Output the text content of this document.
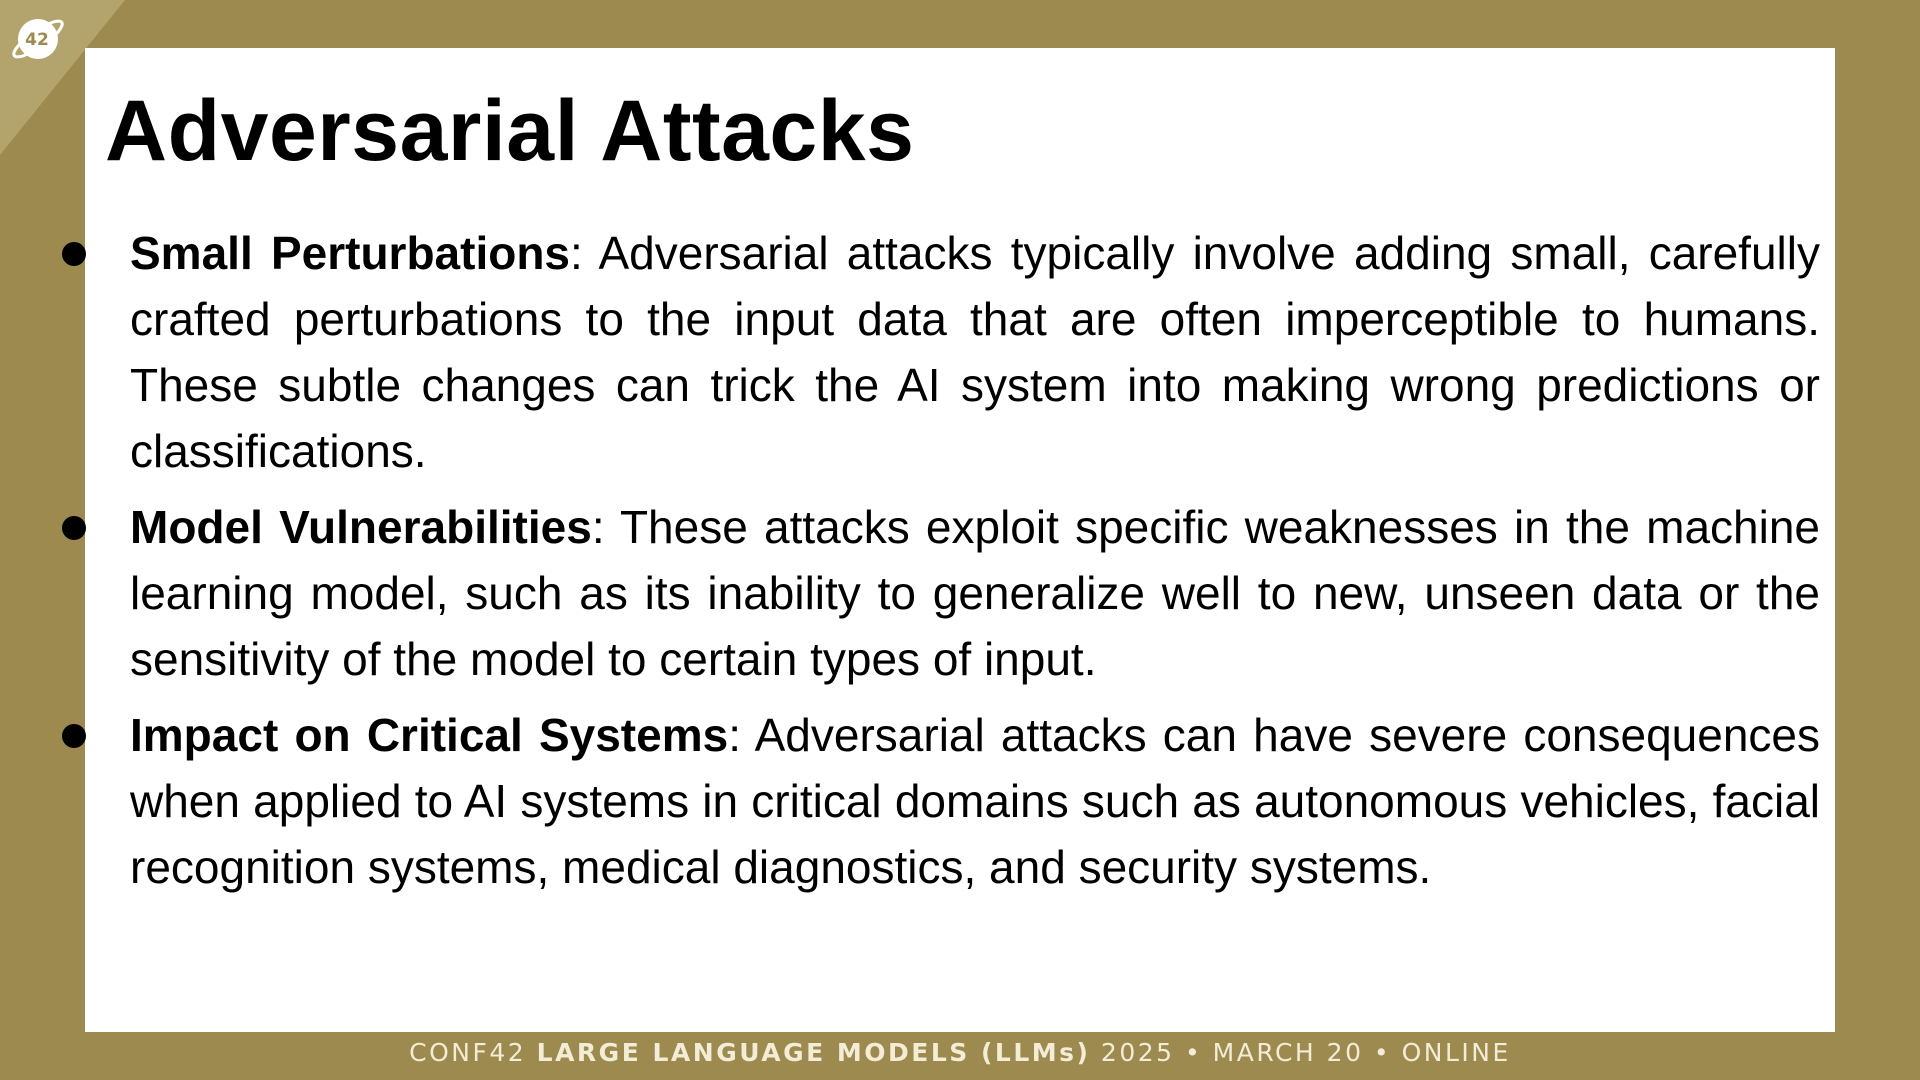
42
Adversarial Attacks
Small Perturbations: Adversarial attacks typically involve adding small, carefully crafted perturbations to the input data that are often imperceptible to humans. These subtle changes can trick the AI system into making wrong predictions or classifications.
Model Vulnerabilities: These attacks exploit specific weaknesses in the machine learning model, such as its inability to generalize well to new, unseen data or the sensitivity of the model to certain types of input.
Impact on Critical Systems: Adversarial attacks can have severe consequences when applied to AI systems in critical domains such as autonomous vehicles, facial recognition systems, medical diagnostics, and security systems.
CONF42 LARGE LANGUAGE MODELS (LLMs) 2025 • MARCH 20 • ONLINE
